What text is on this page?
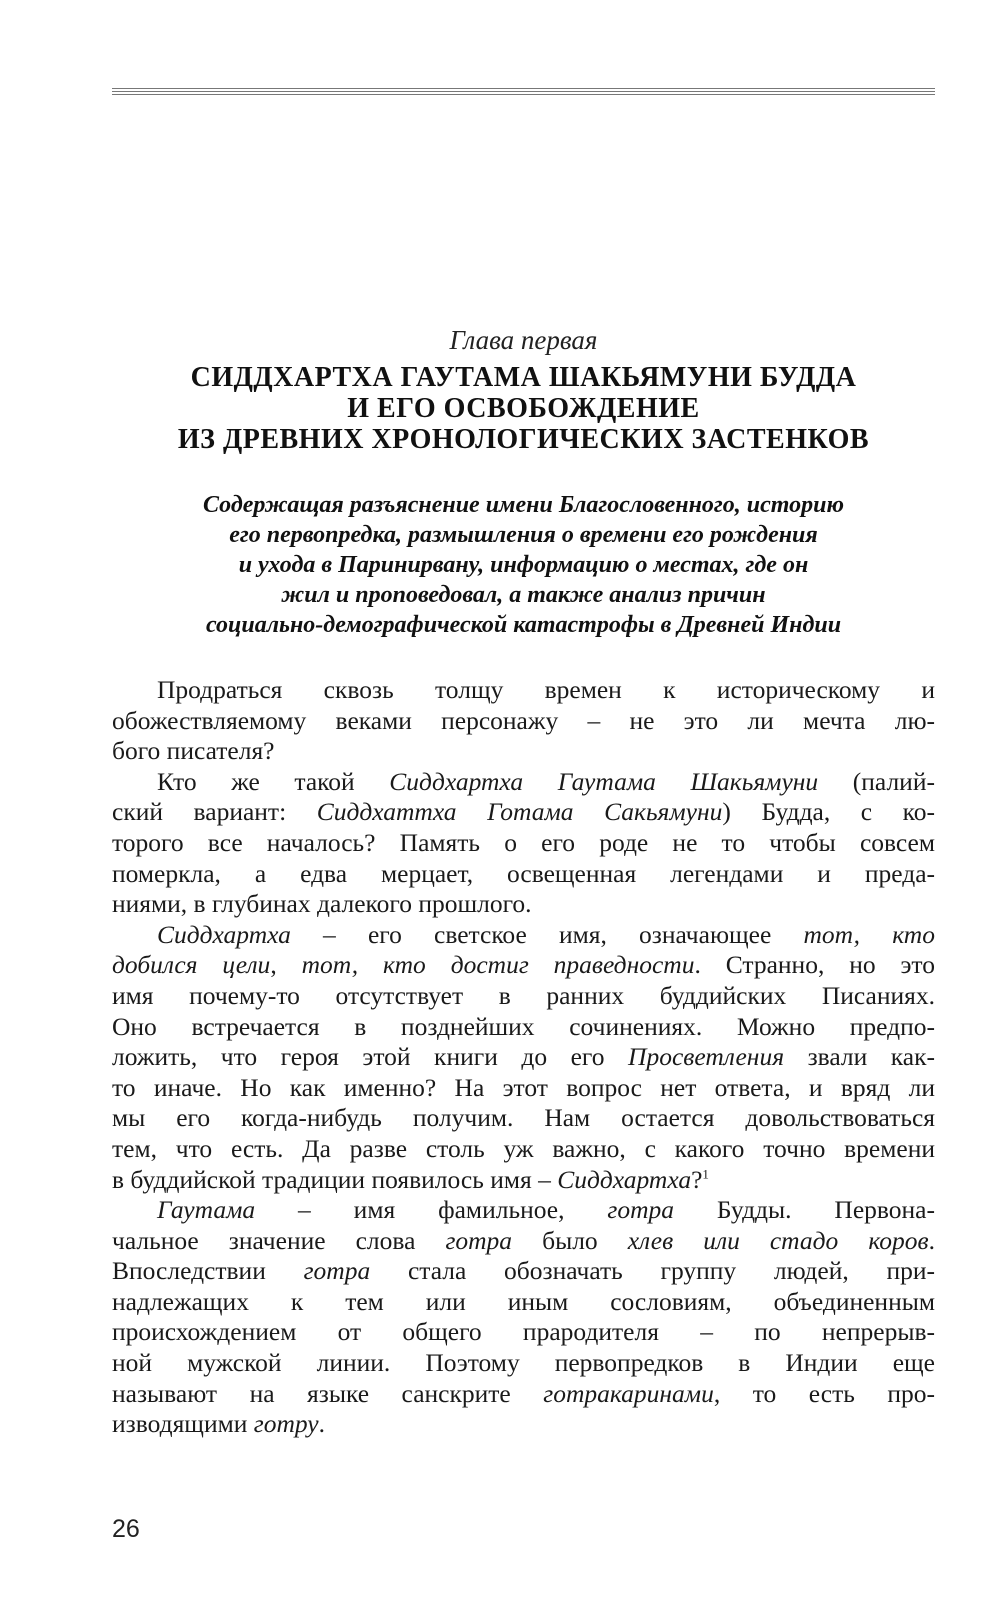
Глава первая
СИДДХАРТХА ГАУТАМА ШАКЬЯМУНИ БУДДА
И ЕГО ОСВОБОЖДЕНИЕ
ИЗ ДРЕВНИХ ХРОНОЛОГИЧЕСКИХ ЗАСТЕНКОВ
Содержащая разъяснение имени Благословенного, историю
его первопредка, размышления о времени его рождения
и ухода в Паринирвану, информацию о местах, где он
жил и проповедовал, а также анализ причин
социально-демографической катастрофы в Древней Индии
Продраться сквозь толщу времен к историческому и
обожествляемому веками персонажу – не это ли мечта лю-
бого писателя?
Кто же такой Сиддхартха Гаутама Шакьямуни (палий-
ский вариант: Сиддхаттха Готама Сакьямуни) Будда, с ко-
торого все началось? Память о его роде не то чтобы совсем
померкла, а едва мерцает, освещенная легендами и преда-
ниями, в глубинах далекого прошлого.
Сиддхартха – его светское имя, означающее тот, кто
добился цели, тот, кто достиг праведности. Странно, но это
имя почему-то отсутствует в ранних буддийских Писаниях.
Оно встречается в позднейших сочинениях. Можно предпо-
ложить, что героя этой книги до его Просветления звали как-
то иначе. Но как именно? На этот вопрос нет ответа, и вряд ли
мы его когда-нибудь получим. Нам остается довольствоваться
тем, что есть. Да разве столь уж важно, с какого точно времени
в буддийской традиции появилось имя – Сиддхартха?$^1$
Гаутама – имя фамильное, готра Будды. Первона-
чальное значение слова готра было хлев или стадо коров.
Впоследствии готра стала обозначать группу людей, при-
надлежащих к тем или иным сословиям, объединенным
происхождением от общего прародителя – по непрерыв-
ной мужской линии. Поэтому первопредков в Индии еще
называют на языке санскрите готракаринами, то есть про-
изводящими готру.
26
